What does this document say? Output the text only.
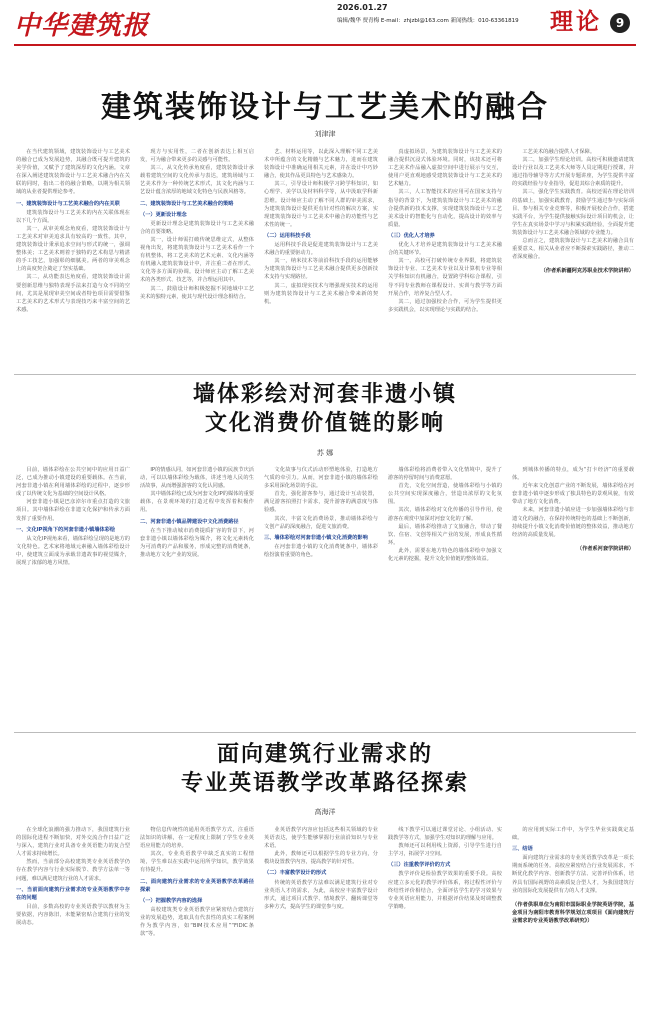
中华建筑报
2026.01.27
编辑/魏华 贾青梅 E-mail：zhjzbl@163.com 新闻热线：010-63361819	理论	9
建筑装饰设计与工艺美术的融合
刘津津

在当代建筑领域，建筑装饰设计与工艺美术的融合已成为发展趋势，其融合既可提升建筑的美学价值，又赋予了建筑深厚的文化内涵。文章在深入阐述建筑装饰设计与工艺美术融合内在关联的同时，指出二者的融合策略，以期为相关领域的从业者提供理论参考。

一、建筑装饰设计与工艺美术融合的内在关联

建筑装饰设计与工艺美术的内在关联体现在以下几个方面。

其一，从审美观念角度看，建筑装饰设计与工艺美术对审美追求具有较高的一致性。其中，建筑装饰设计秉承追求空间与形式的统一，强调整体美；工艺美术则着于独特的艺术构思与精湛的手工技艺，加强彰的细腻美。两者的审美观念上的高度契合奠定了坚实基础。

其二，从功能表达角度看，建筑装饰设计需要创新思维与独特表现手法来打造与众不同的空间，尤其是展现审美空间或者特色项目需要借鉴工艺美术的艺术形式与表现技巧来丰富空间的艺术感。

现方与实用性，二者在创新表达上相互启发，可为融合带来更多的灵感与可能性。

其三，从文化传承角度看，建筑装饰设计承载着建筑空间的文化传承与表达，建筑场域与工艺美术作为一种传统艺术形式，其文化内涵与工艺设计蕴含浓厚的地域文化特色与民族风格等。

二、建筑装饰设计与工艺美术融合的策略

（一）更新设计理念

更新设计理念是建筑装饰设计与工艺美术融合的首要策略。

其一，设计师需打破传统思维定式，从整体视角出发，将建筑装饰设计与工艺美术看作一个有机整体，将工艺美术的艺术元素、文化内涵等有机融入建筑装饰设计中，并注重二者在形式、文化等多方面的协调。设计师应主动了解工艺美术的各类形式、技艺等，并合理运用其中。

其二，鼓励设计师积极挖掘不同地域中工艺美术的独特元素，使其与现代设计理念相结合。

艺、材料运用等，以此深入理解不同工艺美术中所蕴含的文化精髓与艺术魅力，进而在建筑装饰设计中准确运用相关元素，并在设计中巧妙融合，使其作品更具特色与艺术感染力。

其三，引导设计师积极学习跨学科知识，如心理学、美学以及材料科学等，从中汲取学科新思维。设计师应主动了解不同人群的审美需求，为建筑装饰设计提供更有针对性的解决方案，实现建筑装饰设计与工艺美术中融合的功能性与艺术性的统一。

（二）运用科技手段

运用科技手段是促进建筑装饰设计与工艺美术融合的重要驱动力。

其一，纳米技术等前沿科技手段的运用能够为建筑装饰设计与工艺美术融合提供更多创新技术支持与实现路径。

其二，虚拟现实技术与增强现实技术的运用则为建筑装饰设计与工艺美术融合带来新的契机。

真虚拟场景，为建筑装饰设计与工艺美术的融合提供沉浸式体验环境。同时，该技术还可将工艺美术作品融入虚拟空间中进行展示与交互，使用户更直观地感受建筑装饰设计与工艺美术的艺术魅力。

其三，人工智能技术的应用可在国家支持与指导的背景下，为建筑装饰设计与工艺美术的融合提供新的技术支撑，实现建筑装饰设计与工艺美术设计的智能化与自动化，提高设计的效率与质量。

（三）优化人才培养

优化人才培养是建筑装饰设计与工艺美术融合的关键环节。

其一，高校可打破传统专业界限，将建筑装饰设计专业、工艺美术专业以及计算机专业等相关学科知识有机融合，设置跨学科综合课程，引导不同专业教师在课程设计、实训与教学等方面开展合作，培养复合型人才。

其二，通过加强校企合作，可为学生提供更多实践机会，以实现理论与实践的结合。

工艺美术的融合提供人才保障。

其二，加强学生理论培训。高校可积极邀请建筑设计行业以及工艺美术大师等人员定期进行授课，并通过指导辅导等方式开展专题讲座，为学生提供丰富的实践经验与专业指导，促进其综合素质的提升。

其三，强化学生实践教育。高校还需在理论培训的基础上，加强实践教育，鼓励学生通过参与实际项目、参与相关专业竞赛等，积极开展校企合作，搭建实践平台，为学生提供接触实际设计项目的机会，让学生在真实场景中学习与积累实践经验，全面提升建筑装饰设计与工艺美术融合领域的专业能力。

总而言之，建筑装饰设计与工艺美术的融合具有重要意义，相关从业者应不断探索实践路径，推动二者深度融合。

（作者系新疆阿克苏职业技术学院讲师）

墙体彩绘对河套非遗小镇
文化消费价值链的影响
苏 娜

目前，墙体彩绘在公共空间中的应用日益广泛，已成为推动小镇建设的重要载体。在当前，河套非遗小镇在利用墙体彩绘的过程中，逐步形成了以传统文化为基础的空间设计风格。

河套非遗小镇是巴彦淖尔市重点打造的文旅项目。其中墙体彩绘在非遗文化保护和传承方面发挥了重要作用。

一、文化IP视角下的河套非遗小镇墙体彩绘

从文化IP视角来看，墙体彩绘呈现的是地方的文化特色。艺术家将地域元素融入墙体彩绘设计中，使建筑立面成为承载非遗故事的视觉媒介，展现了浓郁的地方风情。

IP的情感认同，如河套非遗小镇的民族节庆活动，可以以墙体彩绘为载体，讲述当地人民的生活故事，从而增强游客的文化认同感。

其中墙体彩绘已成为河套文化IP的媒体的重要载体，在景观环境的打造过程中发挥着积极作用。

二、河套非遗小镇品牌建设中文化消费路径

在当下推动城市消费提质扩容的背景下，河套非遗小镇以墙体彩绘为媒介，将文化元素转化为可消费的产品和服务，形成完整的消费链条，推动地方文化产业的发展。

文化故事与仪式活动形塑地体验，打造地方气质的牵引力。从而，河套非遗小镇的墙体彩绘多采用深化场景的手法。

首先，强化游客参与，通过设计互动装置，满足游客拍照打卡需求，提升游客的满意度与体验感。

其次，丰富文化消费场景，推动墙体彩绘与文创产品的深度融合，促进文旅消费。

三、墙体彩绘对河套非遗小镇文化消费的影响

在河套非遗小镇的文化消费链条中，墙体彩绘扮演着重要的角色。

墙体彩绘将消费者带入文化情境中，提升了游客的停留时间与消费意愿。

首先，文化空间营造，使墙体彩绘与小镇的公共空间实现深度融合，营造出浓厚的文化氛围。

其次，墙体彩绘对文化传播的引导作用，使游客在观赏中加深对河套文化的了解。

最后，墙体彩绘推动了文旅融合，带动了餐饮、住宿、文创等相关产业的发展，形成良性循环。

此外，需要在地方特色的墙体彩绘中加强文化元素的挖掘，提升文化价值链的整体效益。

到城体传播的特点，成为“打卡经济”的重要载体。

近年来文化创意产业的不断发展，墙体彩绘在河套非遗小镇中逐步形成了独具特色的景观风貌，有效带动了地方文化消费。

未来，河套非遗小镇应进一步加强墙体彩绘与非遗文化的融合，在保持传统特色的基础上不断创新，持续提升小镇文化消费价值链的整体效益，推动地方经济的高质量发展。

（作者系河套学院讲师）

面向建筑行业需求的
专业英语教学改革路径探索
高海洋

在全球化浪潮的强力推动下，我国建筑行业的国际化进程不断加快，对外交流合作日益广泛与深入，建筑行业对具备专业英语能力的复合型人才需求持续增长。

然而，当前部分高校建筑类专业英语教学仍存在教学内容与行业实际脱节、教学方法单一等问题，难以满足建筑行业的人才需求。

一、当前面向建筑行业需求的专业英语教学中存在的问题

目前，多数高校的专业英语教学以教材为主要依据，内容陈旧，未能紧密贴合建筑行业的发展动态。

物信息传统性的通用英语教学方式，注重语法知识的讲解，在一定程度上限制了学生专业英语应用能力的培养。

其次，专业英语教学中缺乏真实的工程情境，学生难以在实践中运用所学知识，教学效果有待提升。

二、面向建筑行业需求的专业英语教学改革路径探索

（一）把握教学内容的选择

高校建筑类专业英语教学应紧密结合建筑行业的发展趋势，选取具有代表性的真实工程案例作为教学内容，如“BIM技术应用”“FIDIC条款”等。

业英语教学内容应包括这些相关领域的专业英语表达，使学生能够掌握行业前沿知识与专业术语。

此外，教师还可以根据学生的专业方向，分模块设置教学内容，提高教学的针对性。

（二）丰富教学设计的形式

传统的英语教学方法难以满足建筑行业对专业英语人才的需求，为此，高校应丰富教学设计形式，通过项目式教学、情境教学、翻转课堂等多种方式，提高学生的课堂参与度。

线下教学可以通过课堂讨论、小组活动、实践教学等方式，加强学生对知识的理解与应用。

教师还可以利用线上资源，引导学生进行自主学习，拓展学习空间。

（三）注重教学评价的方式

教学评价是检验教学效果的重要手段。高校应建立多元化的教学评价体系，将过程性评价与终结性评价相结合，全面评估学生的学习效果与专业英语应用能力，并根据评价结果及时调整教学策略。

的应用到实际工作中，为学生毕业实践奠定基础。

三、结语

面向建筑行业需求的专业英语教学改革是一项长期而系统的任务。高校应紧密结合行业发展需求，不断优化教学内容、创新教学方法、完善评价体系，培养具有国际视野的高素质复合型人才，为我国建筑行业的国际化发展提供有力的人才支撑。

（作者供职单位为南阳市国际职业学院英语学院，基金项目为南阳市教育科学规划立项项目《面向建筑行业需求的专业英语教学改革研究》）
